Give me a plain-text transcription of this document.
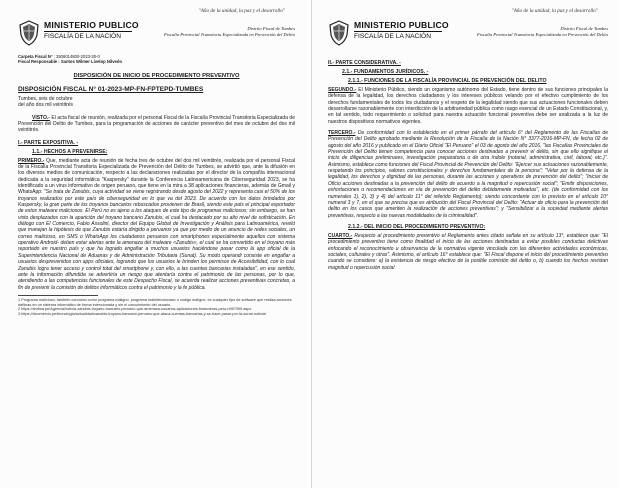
"Año de la unidad, la paz y el desarrollo"
MINISTERIO PUBLICO
FISCALÍA DE LA NACIÓN
Distrito Fiscal de Tumbes
Fiscalía Provincial Transitoria Especializada en Prevención del Delito
Carpeta Fiscal N° : 3506014800-2023-30-0
Fiscal Responsable : Santos Wilmer Livelop Nilvedo
DISPOSICIÓN DE INICIO DE PROCEDIMIENTO PREVENTIVO
DISPOSICIÓN FISCAL N° 01-2023-MP-FN-FPTEPD-TUMBES
Tumbes, seis de octubre
del año dos mil veintitrés

VISTO.- El acta fiscal de reunión, realizada por el personal Fiscal de la Fiscalía Provincial Transitoria Especializada de Prevención del Delito de Tumbes, para la programación de acciones de carácter preventivo del mes de octubre del dos mil veintitrés.

I.- PARTE EXPOSITIVA. -
1.1.- HECHOS A PREVENIRSE:

PRIMERO.- Que, mediante acta de reunión de fecha tres de octubre del dos mil veintitrés, realizada por el personal Fiscal de la Fiscalía Provincial Transitoria Especializada de Prevención del Delito de Tumbes, se advirtió que, ante la difusión en los diversos medios de comunicación, respecto a las declaraciones realizadas por el director de la compañía internacional dedicada a la seguridad informática "Kaspersky" durante la Conferencia Latinoamericana de Ciberseguridad 2023, se ha identificado a un virus informativo de origen peruano, que tiene en la mira a 38 aplicaciones financieras, además de Gmail y WhatsApp: "Se trata de Zanubis, cuya actividad se viene registrando desde agosto del 2022 y representa casi el 50% de los troyanos realizados por este país de ciberseguridad en lo que va del 2023. De acuerdo con los datos brindados por Kaspersky, la gran parte de los troyanos bancarios rebuscados provienen de Brasil, siendo este país el principal exportador de estos malware maliciosos. El Perú no es ajeno a los ataques de este tipo de programas maliciosos; sin embargo, se han visto desplazados con la aparición del troyano bancario Zanubis, el cual ha destacado por su alto nivel de sofisticación. En diálogo con El Comercio, Fabio Assolini, director del Equipo Global de Investigación y Análisis para Latinoamérica, reveló que manejan la hipótesis de que Zanubis estaría dirigido a peruanos ya que por medio de un anuncio de redes sociales, un correo malicioso, en SMS o WhatsApp los ciudadanos peruanos con smartphones especialmente aquellos con sistema operativo Android- deben estar alertas ante la amenaza del malware «Zanubis», el cual se ha convertido en el troyano más reportado en nuestro país y que ha logrado engañar a muchos usuarios haciéndose pasar como la app oficial de la Superintendencia Nacional de Aduanas y de Administración Tributaria (Sunat). Su modo operandi consiste en engañar a usuarios desprevenidos con apps oficiales, logrando que los usuarios le brinden los permisos de Accesibilidad, con lo cual Zanubis logra tener acceso y control total del smartphone y, con ello, a las cuentas bancarias instaladas", en ese sentido, ante la información difundida se advertiría un riesgo que atentaría contra el patrimonio de las personas, por lo que, atendiendo a las competencias funcionales de este Despacho Fiscal, se acuerda realizar acciones preventivas concretas, a fin de prevenir la comisión de delitos informáticos contra el patrimonio y la fe pública.

1 Programa malicioso, también conocido como programa maligno, programa malintencionado o código maligno, es cualquier tipo de software que realiza acciones dañinas en un sistema informático de forma intencionada y sin el conocimiento del usuario.
2 https://andina.pe/Agencia/noticia-zanubis-troyano-bancario-peruano-que-amenaza-usuarios-aplicaciones-financieras-peru-n957099.aspx
3 https://elcomercio.pe/tecnologia/actualidad/zanubis-troyano-bancario-peruano-que-ataca-cuentas-bancarias-y-se-hace-pasar-por-la-sunat-noticia/
"Año de la unidad, la paz y el desarrollo"
MINISTERIO PUBLICO
FISCALÍA DE LA NACIÓN
Distrito Fiscal de Tumbes
Fiscalía Provincial Transitoria Especializada en Prevención del Delito
II.- PARTE CONSIDERATIVA. -
2.1.- FUNDAMENTOS JURÍDICOS. -
2.1.1.- FUNCIONES DE LA FISCALÍA PROVINCIAL DE PREVENCIÓN DEL DELITO

SEGUNDO.- El Ministerio Público, siendo un organismo autónomo del Estado, tiene dentro de sus funciones principales la defensa de la legalidad, los derechos ciudadanos y los intereses públicos velando por el efectivo cumplimiento de los derechos fundamentales de todos los ciudadanos y el respeto de la legalidad siendo que sus actuaciones funcionales deben desarrollarse razonablemente con interdicción de la arbitrariedad pública como rasgo esencial de un Estado Constitucional, y, en tal sentido, todo requerimiento o solicitud para nuestra actuación funcional preventiva debe ser analizada a la luz de nuestros dispositivos normativos vigentes.

TERCERO.- De conformidad con lo establecido en el primer párrafo del artículo 6° del Reglamento de las Fiscalías de Prevención del Delito aprobado mediante la Resolución de la Fiscalía de la Nación N° 3377-2016-MP-FN, de fecha 02 de agosto del año 2016 y publicado en el Diario Oficial "El Peruano" el 03 de agosto del año 2016, "las Fiscalías Provinciales de Prevención del Delito tienen competencia para conocer acciones destinadas a prevenir el delito, sin que ello signifique el inicio de diligencias preliminares, investigación preparatoria o de otra índole (notarial, administrativa, civil, laboral, etc.)". Asimismo, establece como funciones del Fiscal Provincial de Prevención del Delito: "Ejercer sus actuaciones razonablemente, respetando los principios, valores constitucionales y derechos fundamentales de la persona"; "Velar por la defensa de la legalidad, los derechos y dignidad de las personas, durante las acciones y operativos de prevención del delito"; "Iniciar de Oficio acciones destinadas a la prevención del delito de acuerdo a la magnitud o repercusión social"; "Emitir disposiciones, exhortaciones o recomendaciones en vía de prevención del delito debidamente motivadas", etc. (de conformidad con los numerales 1), 2), 3) y 4) del artículo 11° del referido Reglamento); siendo concordante con lo previsto en el artículo 10° numeral 3 y 7, en el que se precisa que es atribución del Fiscal Provincial del Delito: "Actuar de oficio para la prevención del delito en los casos que ameriten la realización de acciones preventivas"; y "Sensibilizar a la sociedad mediante alertas preventivas, respecto a las nuevas modalidades de la criminalidad".

2.1.2.- DEL INICIO DEL PROCEDIMIENTO PREVENTIVO:

CUARTO.- Respecto al procedimiento preventivo el Reglamento antes citado señala en su artículo 13°, establece que: "El procedimiento preventivo tiene como finalidad el inicio de las acciones destinadas a evitar posibles conductas delictivas enfocando el reconocimiento u observancia de la normativa vigente vinculada con las diferentes actividades económicas, sociales, culturales y otras". Asimismo, el artículo 16° establece que: "El Fiscal dispone el inicio del procedimiento preventivo cuando se considere: a) la existencia de riesgo efectivo de la posible comisión del delito o, b) cuando los hechos revistan magnitud o repercusión social
